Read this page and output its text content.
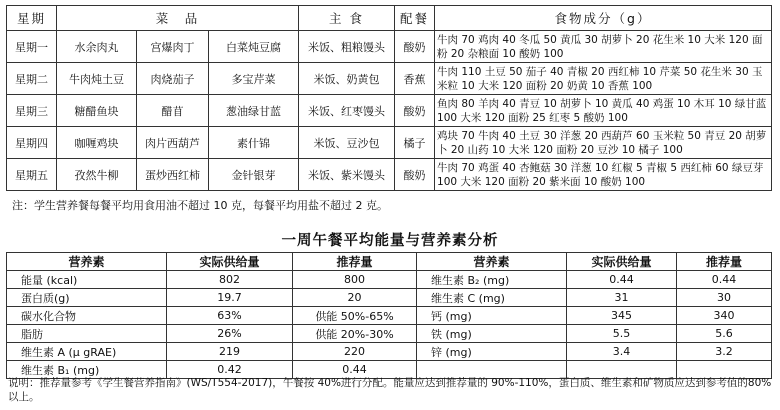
星期	菜　品			主 食	配餐	食物成分（g）
星期一	水余肉丸	宫爆肉丁	白菜炖豆腐	米饭、粗粮馒头	酸奶	牛肉 70 鸡肉 40 冬瓜 50 黄瓜 30 胡萝卜 20 花生米 10 大米 120 面粉 20 杂粮面 10 酸奶 100
星期二	牛肉炖土豆	肉烧茄子	多宝芹菜	米饭、奶黄包	香蕉	牛肉 110 土豆 50 茄子 40 青椒 20 西红柿 10 芹菜 50 花生米 30 玉米粒 10 大米 120 面粉 20 奶黄 10 香蕉 100
星期三	糖醋鱼块	醋苜	葱油绿甘蓝	米饭、红枣馒头	酸奶	鱼肉 80 羊肉 40 青豆 10 胡萝卜 10 黄瓜 40 鸡蛋 10 木耳 10 绿甘蓝 100 大米 120 面粉 25 红枣 5 酸奶 100
星期四	咖喱鸡块	肉片西葫芦	素什锦	米饭、豆沙包	橘子	鸡块 70 牛肉 40 土豆 30 洋葱 20 西葫芦 60 玉米粒 50 青豆 20 胡萝卜 20 山药 10 大米 120 面粉 20 豆沙 10 橘子 100
星期五	孜然牛柳	蛋炒西红柿	金针银芽	米饭、紫米馒头	酸奶	牛肉 70 鸡蛋 40 杏鲍菇 30 洋葱 10 红椒 5 青椒 5 西红柿 60 绿豆芽 100 大米 120 面粉 20 紫米面 10 酸奶 100

注：学生营养餐每餐平均用食用油不超过 10 克，每餐平均用盐不超过 2 克。

一周午餐平均能量与营养素分析
营养素	实际供给量	推荐量	营养素	实际供给量	推荐量
能量 (kcal)	802	800	维生素 B₂ (mg)	0.44	0.44
蛋白质(g)	19.7	20	维生素 C (mg)	31	30
碳水化合物	63%	供能 50%-65%	钙 (mg)	345	340
脂肪	26%	供能 20%-30%	铁 (mg)	5.5	5.6
维生素 A (μ gRAE)	219	220	锌 (mg)	3.4	3.2
维生素 B₁ (mg)	0.42	0.44			

说明：推荐量参考《学生餐营养指南》(WS/T554-2017)，午餐按 40%进行分配。能量应达到推荐量的 90%-110%，蛋白质、维生素和矿物质应达到参考值的80%以上。
